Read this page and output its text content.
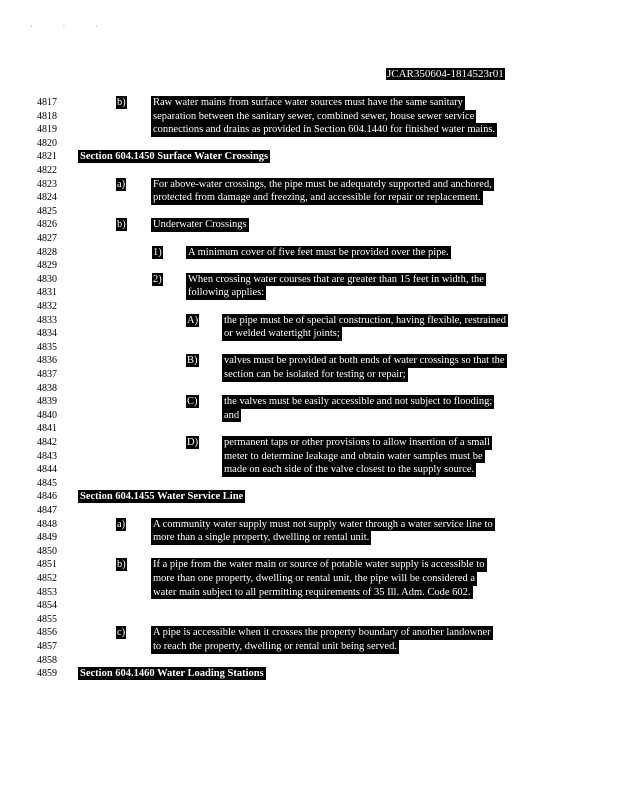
· · ·
JCAR350604-1814523r01
4817
4818
4819
4820
4821
4822
4823
4824
4825
4826
4827
4828
4829
4830
4831
4832
4833
4834
4835
4836
4837
4838
4839
4840
4841
4842
4843
4844
4845
4846
4847
4848
4849
4850
4851
4852
4853
4854
4855
4856
4857
4858
4859
b)	Raw water mains from surface water sources must have the same sanitary
separation between the sanitary sewer, combined sewer, house sewer service
connections and drains as provided in Section 604.1440 for finished water mains.
Section 604.1450 Surface Water Crossings
a)	For above-water crossings, the pipe must be adequately supported and anchored,
protected from damage and freezing, and accessible for repair or replacement.
b)	Underwater Crossings
1)	A minimum cover of five feet must be provided over the pipe.
2)	When crossing water courses that are greater than 15 feet in width, the
following applies:
A) the pipe must be of special construction, having flexible, restrained
or welded watertight joints;
B)	valves must be provided at both ends of water crossings so that the
section can be isolated for testing or repair;
C)	the valves must be easily accessible and not subject to flooding;
and
D) permanent taps or other provisions to allow insertion of a small
meter to determine leakage and obtain water samples must be
made on each side of the valve closest to the supply source.
Section 604.1455 Water Service Line
a)	A community water supply must not supply water through a water service line to
more than a single property, dwelling or rental unit.
b)	If a pipe from the water main or source of potable water supply is accessible to
more than one property, dwelling or rental unit, the pipe will be considered a
water main subject to all permitting requirements of 35 Ill. Adm. Code 602.
c)	A pipe is accessible when it crosses the property boundary of another landowner
to reach the property, dwelling or rental unit being served.
Section 604.1460 Water Loading Stations
